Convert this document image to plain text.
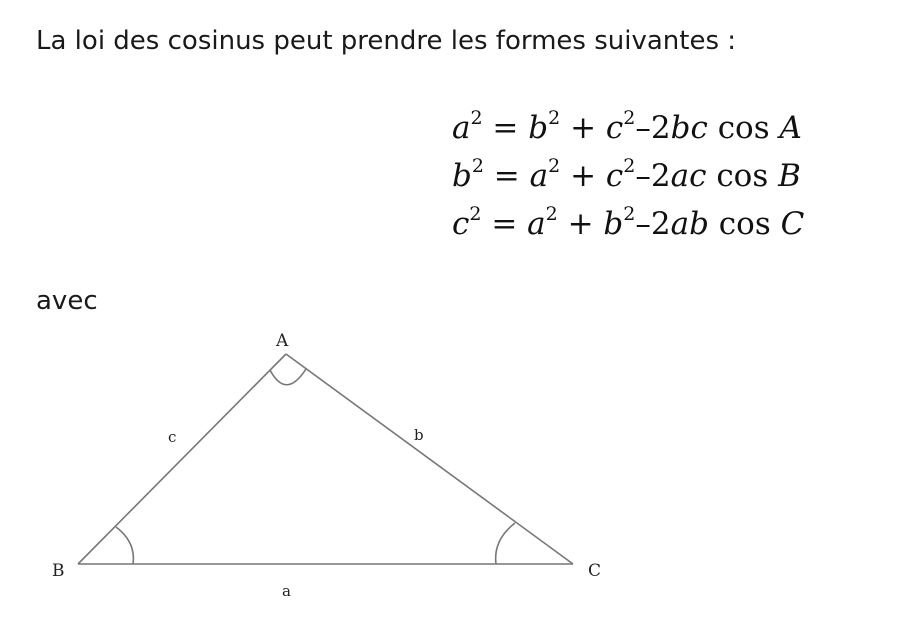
La loi des cosinus peut prendre les formes suivantes :
$a^2 = b^2 + c^2-2bc$ cos A
$b^2 = a^2 + c^2-2ac$ cos B
$c^2 = a^2 + b^2-2ab$ cos C
avec
A
B	C
c	b
a
